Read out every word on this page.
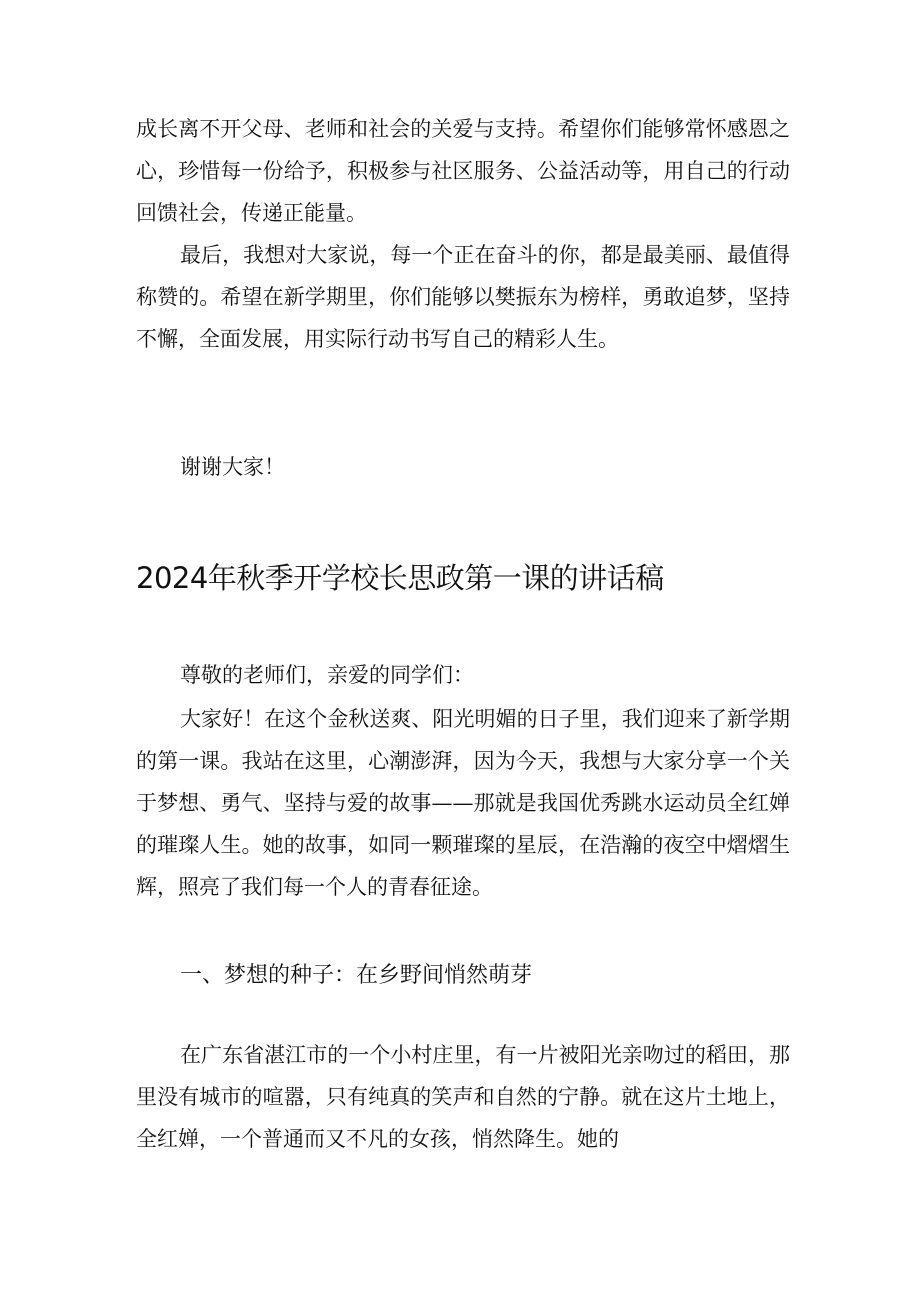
成长离不开父母、老师和社会的关爱与支持。希望你们能够常怀感恩之心，珍惜每一份给予，积极参与社区服务、公益活动等，用自己的行动回馈社会，传递正能量。

最后，我想对大家说，每一个正在奋斗的你，都是最美丽、最值得称赞的。希望在新学期里，你们能够以樊振东为榜样，勇敢追梦，坚持不懈，全面发展，用实际行动书写自己的精彩人生。

谢谢大家！

2024年秋季开学校长思政第一课的讲话稿

尊敬的老师们，亲爱的同学们：

大家好！在这个金秋送爽、阳光明媚的日子里，我们迎来了新学期的第一课。我站在这里，心潮澎湃，因为今天，我想与大家分享一个关于梦想、勇气、坚持与爱的故事——那就是我国优秀跳水运动员全红婵的璀璨人生。她的故事，如同一颗璀璨的星辰，在浩瀚的夜空中熠熠生辉，照亮了我们每一个人的青春征途。

一、梦想的种子：在乡野间悄然萌芽

在广东省湛江市的一个小村庄里，有一片被阳光亲吻过的稻田，那里没有城市的喧嚣，只有纯真的笑声和自然的宁静。就在这片土地上，全红婵，一个普通而又不凡的女孩，悄然降生。她的
